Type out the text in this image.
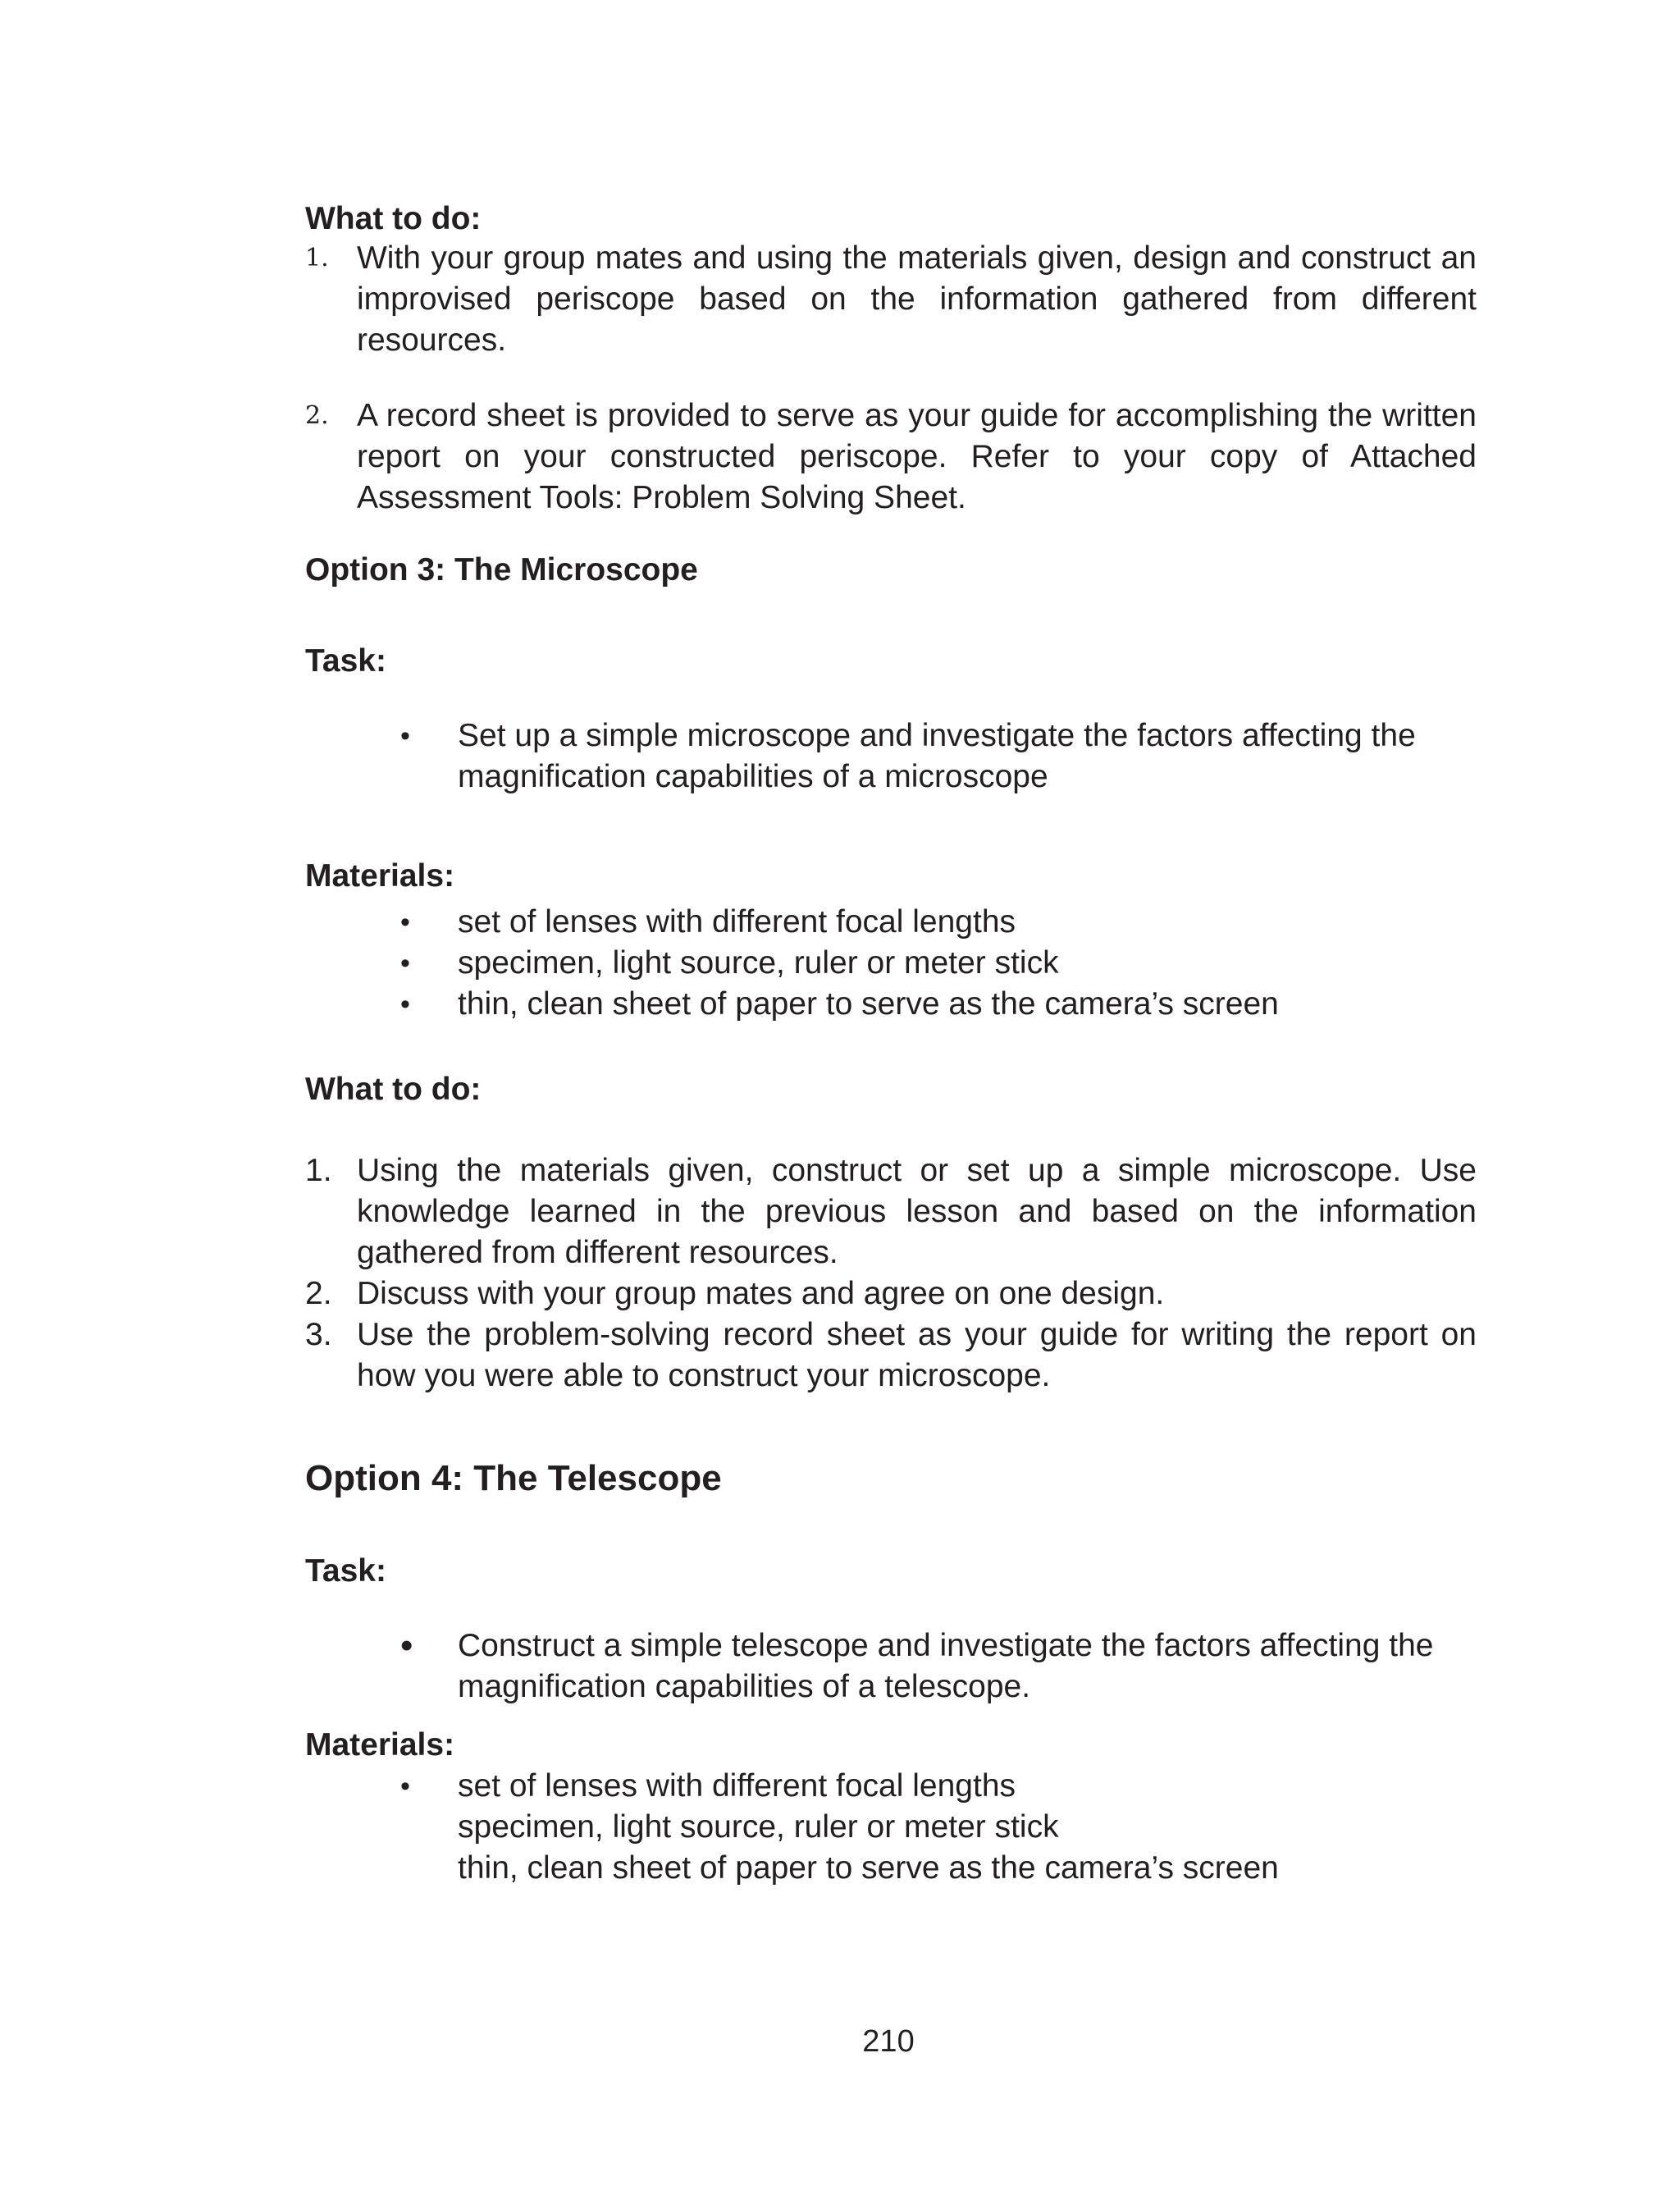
What to do:
1. With your group mates and using the materials given, design and construct an improvised periscope based on the information gathered from different resources.
2. A record sheet is provided to serve as your guide for accomplishing the written report on your constructed periscope. Refer to your copy of Attached Assessment Tools: Problem Solving Sheet.
Option 3: The Microscope
Task:
•	Set up a simple microscope and investigate the factors affecting the magnification capabilities of a microscope
Materials:
•	set of lenses with different focal lengths
•	specimen, light source, ruler or meter stick
•	thin, clean sheet of paper to serve as the camera’s screen
What to do:
1. Using the materials given, construct or set up a simple microscope. Use knowledge learned in the previous lesson and based on the information gathered from different resources.
2. Discuss with your group mates and agree on one design.
3. Use the problem-solving record sheet as your guide for writing the report on how you were able to construct your microscope.
Option 4: The Telescope
Task:
•	Construct a simple telescope and investigate the factors affecting the magnification capabilities of a telescope.
Materials:
•	set of lenses with different focal lengths
specimen, light source, ruler or meter stick
thin, clean sheet of paper to serve as the camera’s screen
210
